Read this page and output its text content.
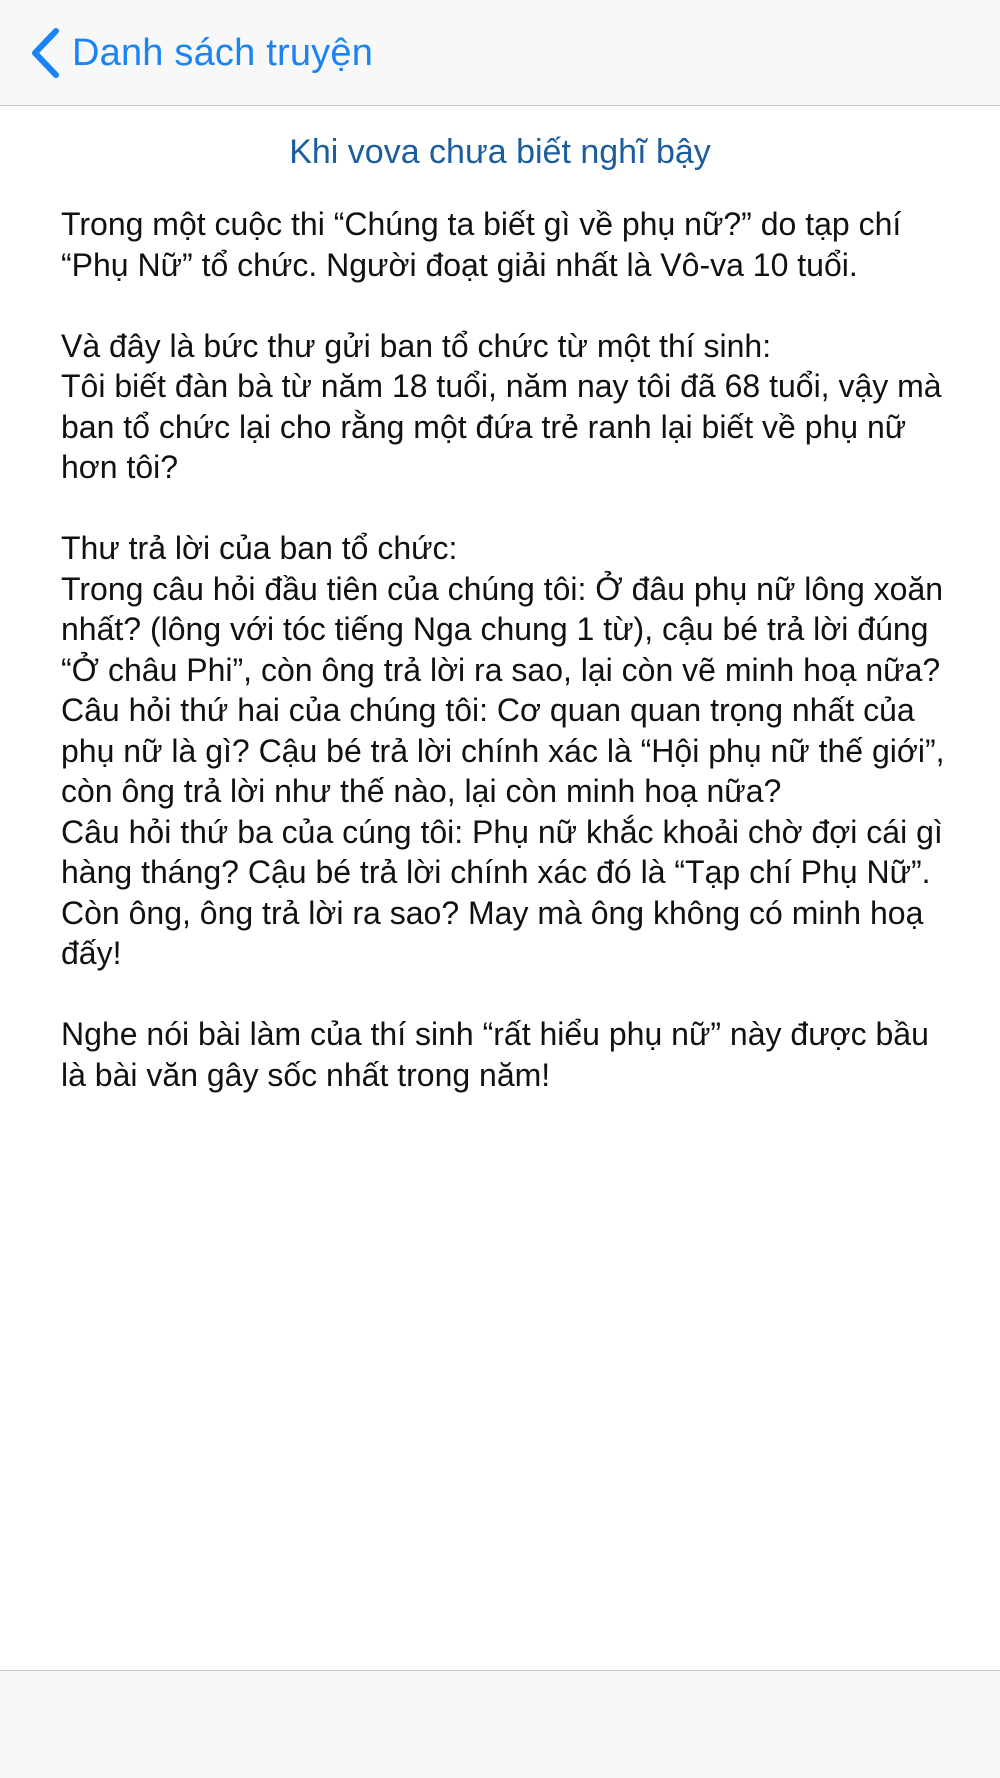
Danh sách truyện
Khi vova chưa biết nghĩ bậy

Trong một cuộc thi “Chúng ta biết gì về phụ nữ?” do tạp chí “Phụ Nữ” tổ chức. Người đoạt giải nhất là Vô-va 10 tuổi.

Và đây là bức thư gửi ban tổ chức từ một thí sinh:

Tôi biết đàn bà từ năm 18 tuổi, năm nay tôi đã 68 tuổi, vậy mà ban tổ chức lại cho rằng một đứa trẻ ranh lại biết về phụ nữ hơn tôi?

Thư trả lời của ban tổ chức:

Trong câu hỏi đầu tiên của chúng tôi: Ở đâu phụ nữ lông xoăn nhất? (lông với tóc tiếng Nga chung 1 từ), cậu bé trả lời đúng “Ở châu Phi”, còn ông trả lời ra sao, lại còn vẽ minh hoạ nữa?

Câu hỏi thứ hai của chúng tôi: Cơ quan quan trọng nhất của phụ nữ là gì? Cậu bé trả lời chính xác là “Hội phụ nữ thế giới”, còn ông trả lời như thế nào, lại còn minh hoạ nữa?

Câu hỏi thứ ba của cúng tôi: Phụ nữ khắc khoải chờ đợi cái gì hàng tháng? Cậu bé trả lời chính xác đó là “Tạp chí Phụ Nữ”. Còn ông, ông trả lời ra sao? May mà ông không có minh hoạ đấy!

Nghe nói bài làm của thí sinh “rất hiểu phụ nữ” này được bầu là bài văn gây sốc nhất trong năm!
